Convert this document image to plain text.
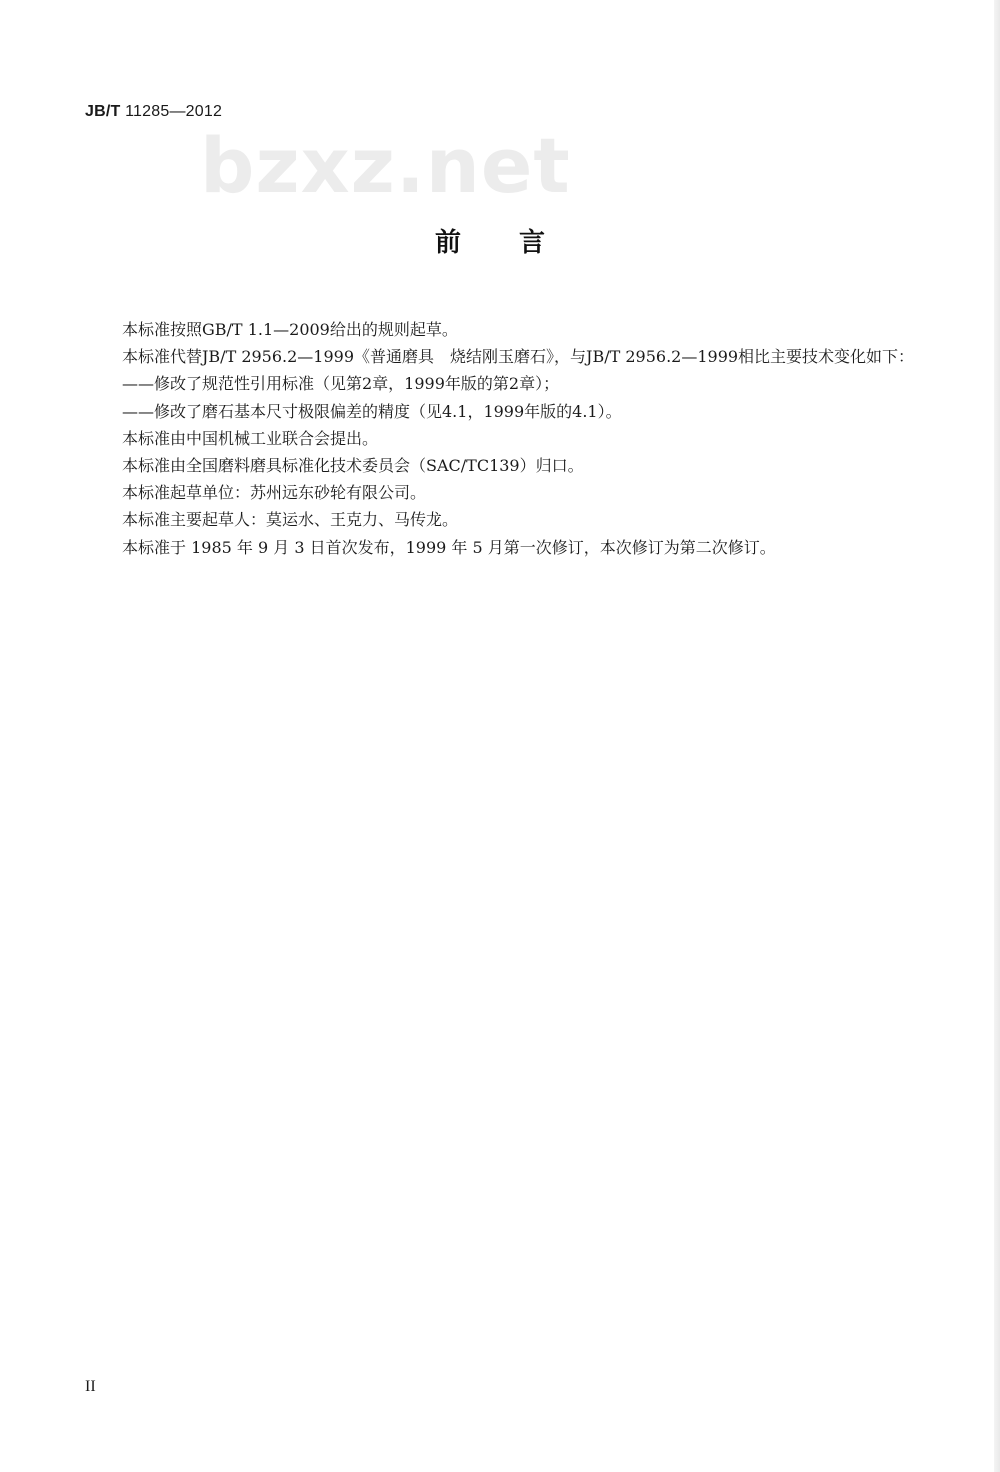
JB/T 11285—2012
bzxz.net
前言

本标准按照GB/T 1.1—2009给出的规则起草。

本标准代替JB/T 2956.2—1999《普通磨具　烧结刚玉磨石》，与JB/T 2956.2—1999相比主要技术变化如下：

——修改了规范性引用标准（见第2章，1999年版的第2章）；

——修改了磨石基本尺寸极限偏差的精度（见4.1，1999年版的4.1）。

本标准由中国机械工业联合会提出。

本标准由全国磨料磨具标准化技术委员会（SAC/TC139）归口。

本标准起草单位：苏州远东砂轮有限公司。

本标准主要起草人：莫运水、王克力、马传龙。

本标准于 1985 年 9 月 3 日首次发布，1999 年 5 月第一次修订，本次修订为第二次修订。

II
